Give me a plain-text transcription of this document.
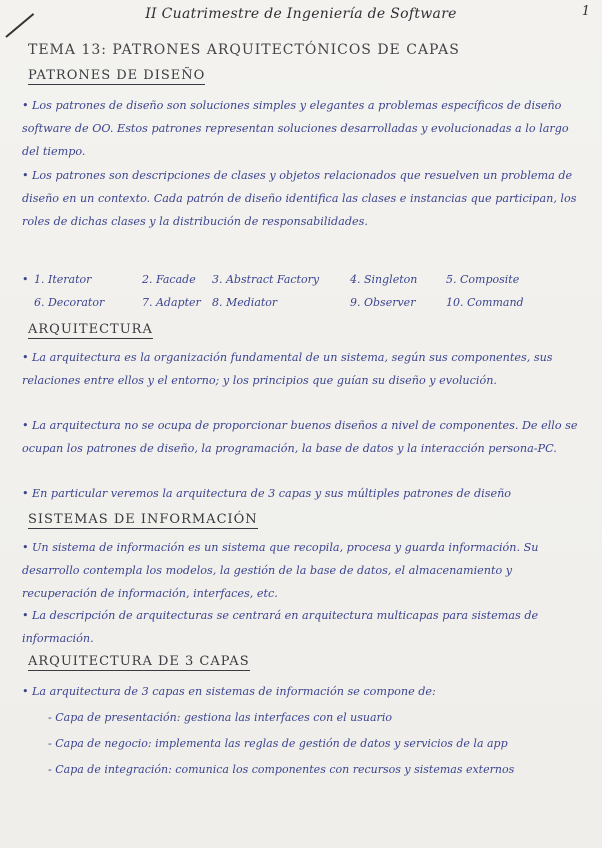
II Cuatrimestre de Ingeniería de Software	1
TEMA 13: PATRONES ARQUITECTÓNICOS DE CAPAS
PATRONES DE DISEÑO
• Los patrones de diseño son soluciones simples y elegantes a problemas específicos de diseño software de OO. Estos patrones representan soluciones desarrolladas y evolucionadas a lo largo del tiempo.
• Los patrones son descripciones de clases y objetos relacionados que resuelven un problema de diseño en un contexto. Cada patrón de diseño identifica las clases e instancias que participan, los roles de dichas clases y la distribución de responsabilidades.
• 1. Iterator	2. Facade	3. Abstract Factory	4. Singleton	5. Composite
6. Decorator	7. Adapter	8. Mediator	9. Observer	10. Command
ARQUITECTURA
• La arquitectura es la organización fundamental de un sistema, según sus componentes, sus relaciones entre ellos y el entorno; y los principios que guían su diseño y evolución.
• La arquitectura no se ocupa de proporcionar buenos diseños a nivel de componentes. De ello se ocupan los patrones de diseño, la programación, la base de datos y la interacción persona-PC.
• En particular veremos la arquitectura de 3 capas y sus múltiples patrones de diseño
SISTEMAS DE INFORMACIÓN
• Un sistema de información es un sistema que recopila, procesa y guarda información. Su desarrollo contempla los modelos, la gestión de la base de datos, el almacenamiento y recuperación de información, interfaces, etc.
• La descripción de arquitecturas se centrará en arquitectura multicapas para sistemas de información.
ARQUITECTURA DE 3 CAPAS
• La arquitectura de 3 capas en sistemas de información se compone de:
- Capa de presentación: gestiona las interfaces con el usuario
- Capa de negocio: implementa las reglas de gestión de datos y servicios de la app
- Capa de integración: comunica los componentes con recursos y sistemas externos
